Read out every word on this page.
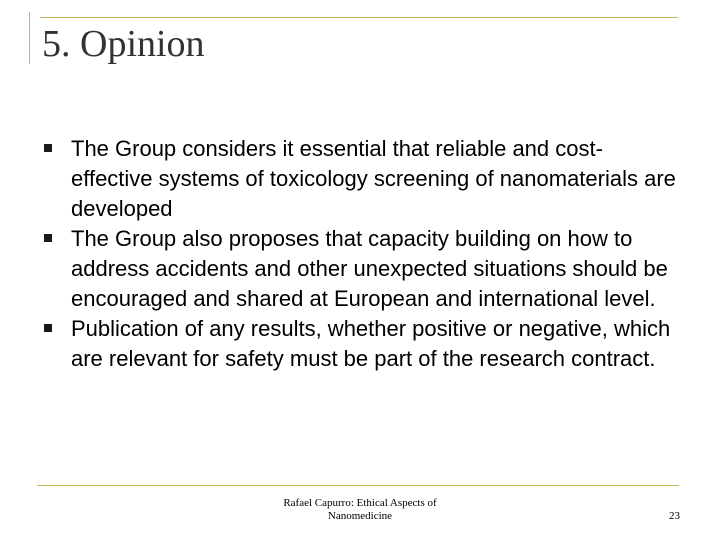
5. Opinion
The Group considers it essential that reliable and cost-effective systems of toxicology screening of nanomaterials are developed
The Group also proposes that capacity building on how to address accidents and other unexpected situations should be encouraged and shared at European and international level.
Publication of any results, whether positive or negative, which are relevant for safety must be part of the research contract.
Rafael Capurro: Ethical Aspects of
Nanomedicine	23
